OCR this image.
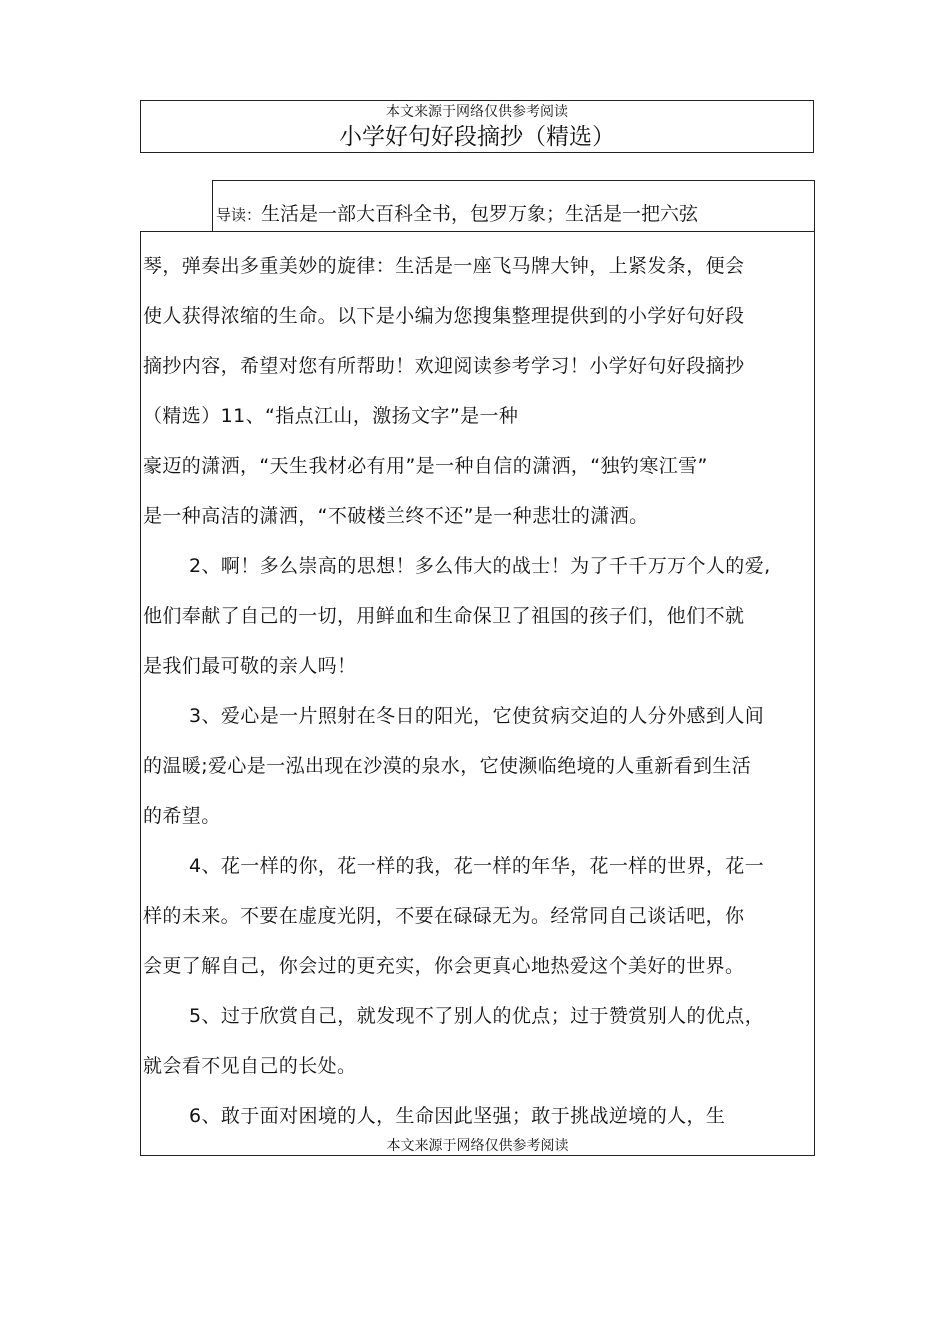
本文来源于网络仅供参考阅读
小学好句好段摘抄（精选）
导读：生活是一部大百科全书，包罗万象；生活是一把六弦
琴，弹奏出多重美妙的旋律：生活是一座飞马牌大钟，上紧发条，便会
使人获得浓缩的生命。以下是小编为您搜集整理提供到的小学好句好段
摘抄内容，希望对您有所帮助！欢迎阅读参考学习！小学好句好段摘抄
（精选）11、“指点江山，激扬文字”是一种
豪迈的潇洒，“天生我材必有用”是一种自信的潇洒，“独钓寒江雪”
是一种高洁的潇洒，“不破楼兰终不还”是一种悲壮的潇洒。
2、啊！多么崇高的思想！多么伟大的战士！为了千千万万个人的爱,
他们奉献了自己的一切，用鲜血和生命保卫了祖国的孩子们，他们不就
是我们最可敬的亲人吗！
3、爱心是一片照射在冬日的阳光，它使贫病交迫的人分外感到人间
的温暖;爱心是一泓出现在沙漠的泉水，它使濒临绝境的人重新看到生活
的希望。
4、花一样的你，花一样的我，花一样的年华，花一样的世界，花一
样的未来。不要在虚度光阴，不要在碌碌无为。经常同自己谈话吧，你
会更了解自己，你会过的更充实，你会更真心地热爱这个美好的世界。
5、过于欣赏自己，就发现不了别人的优点；过于赞赏别人的优点，
就会看不见自己的长处。
6、敢于面对困境的人，生命因此坚强；敢于挑战逆境的人，生
本文来源于网络仅供参考阅读
